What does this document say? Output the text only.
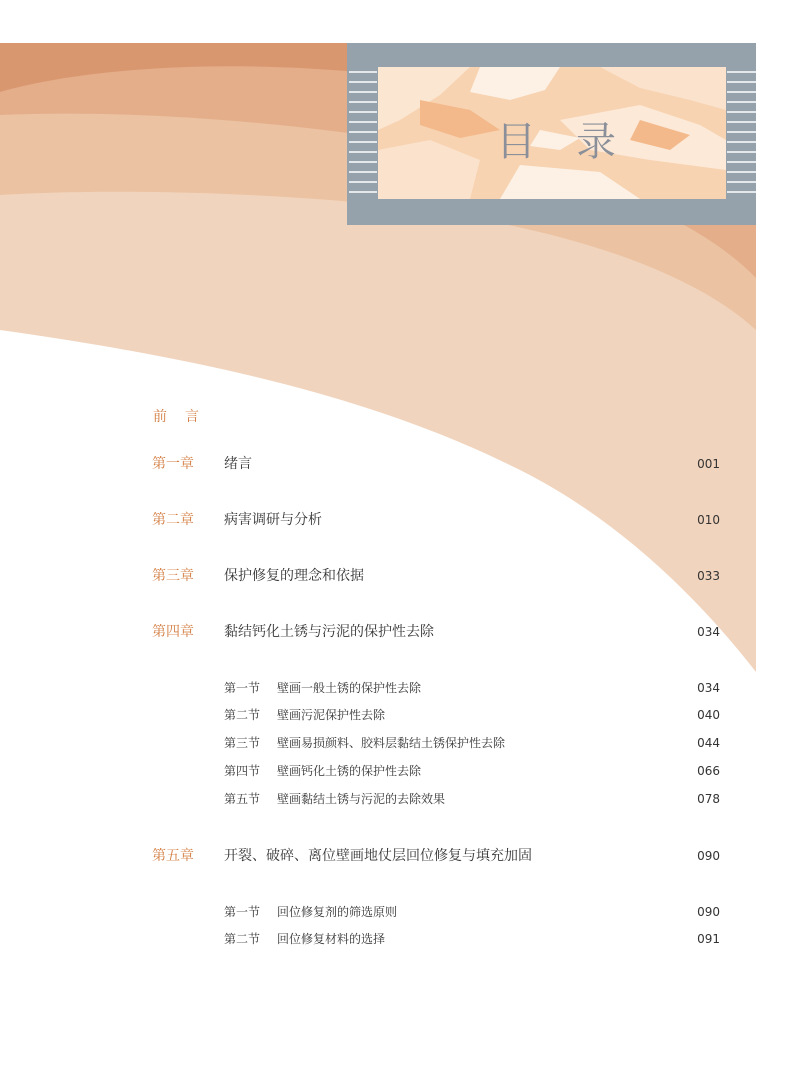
目　录
前言
第一章 绪言	001
第二章 病害调研与分析	010
第三章 保护修复的理念和依据	033
第四章 黏结钙化土锈与污泥的保护性去除	034
第一节 壁画一般土锈的保护性去除	034
第二节 壁画污泥保护性去除	040
第三节 壁画易损颜料、胶料层黏结土锈保护性去除	044
第四节 壁画钙化土锈的保护性去除	066
第五节 壁画黏结土锈与污泥的去除效果	078
第五章 开裂、破碎、离位壁画地仗层回位修复与填充加固	090
第一节 回位修复剂的筛选原则	090
第二节 回位修复材料的选择	091
